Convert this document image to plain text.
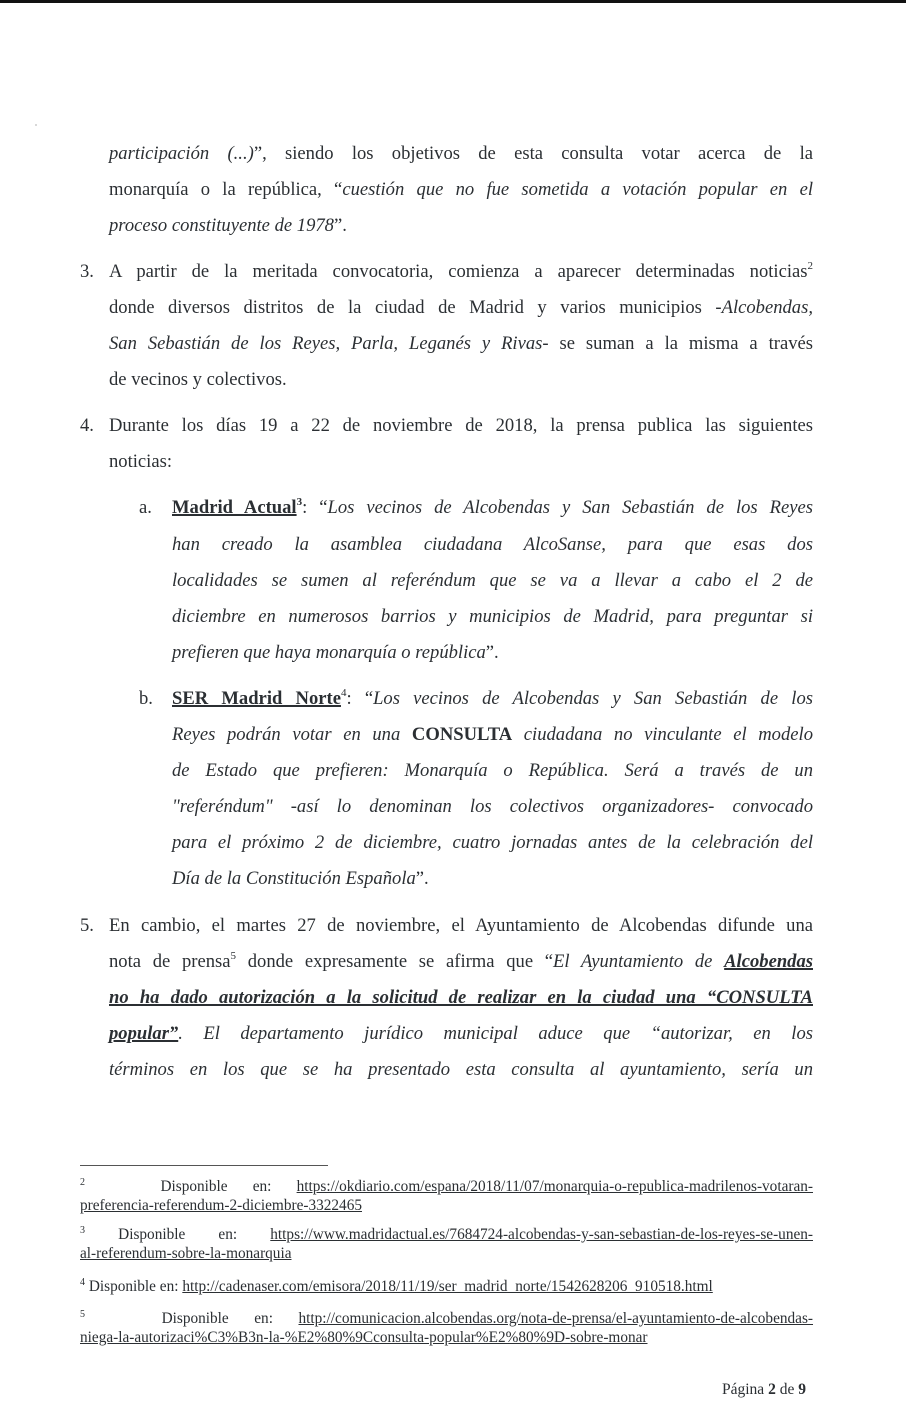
participación (...)”, siendo los objetivos de esta consulta votar acerca de la
monarquía o la república, “cuestión que no fue sometida a votación popular en el
proceso constituyente de 1978”.
3. A partir de la meritada convocatoria, comienza a aparecer determinadas noticias$^2$
donde diversos distritos de la ciudad de Madrid y varios municipios -Alcobendas,
San Sebastián de los Reyes, Parla, Leganés y Rivas- se suman a la misma a través
de vecinos y colectivos.
4. Durante los días 19 a 22 de noviembre de 2018, la prensa publica las siguientes
noticias:
a. Madrid Actual$^3$: “Los vecinos de Alcobendas y San Sebastián de los Reyes
han creado la asamblea ciudadana AlcoSanse, para que esas dos
localidades se sumen al referéndum que se va a llevar a cabo el 2 de
diciembre en numerosos barrios y municipios de Madrid, para preguntar si
prefieren que haya monarquía o república”.
b. SER Madrid Norte$^4$: “Los vecinos de Alcobendas y San Sebastián de los
Reyes podrán votar en una CONSULTA ciudadana no vinculante el modelo
de Estado que prefieren: Monarquía o República. Será a través de un
"referéndum" -así lo denominan los colectivos organizadores- convocado
para el próximo 2 de diciembre, cuatro jornadas antes de la celebración del
Día de la Constitución Española”.
5. En cambio, el martes 27 de noviembre, el Ayuntamiento de Alcobendas difunde una
nota de prensa$^5$ donde expresamente se afirma que “El Ayuntamiento de Alcobendas
no ha dado autorización a la solicitud de realizar en la ciudad una “CONSULTA
popular”. El departamento jurídico municipal aduce que “autorizar, en los
términos en los que se ha presentado esta consulta al ayuntamiento, sería un
$^2$	Disponible en: https://okdiario.com/espana/2018/11/07/monarquia-o-republica-madrilenos-votaran-
preferencia-referendum-2-diciembre-3322465
$^3$ Disponible en: https://www.madridactual.es/7684724-alcobendas-y-san-sebastian-de-los-reyes-se-unen-
al-referendum-sobre-la-monarquia
$^4$ Disponible en: http://cadenaser.com/emisora/2018/11/19/ser_madrid_norte/1542628206_910518.html
$^5$	Disponible en: http://comunicacion.alcobendas.org/nota-de-prensa/el-ayuntamiento-de-alcobendas-
niega-la-autorizaci%C3%B3n-la-%E2%80%9Cconsulta-popular%E2%80%9D-sobre-monar
Página 2 de 9
